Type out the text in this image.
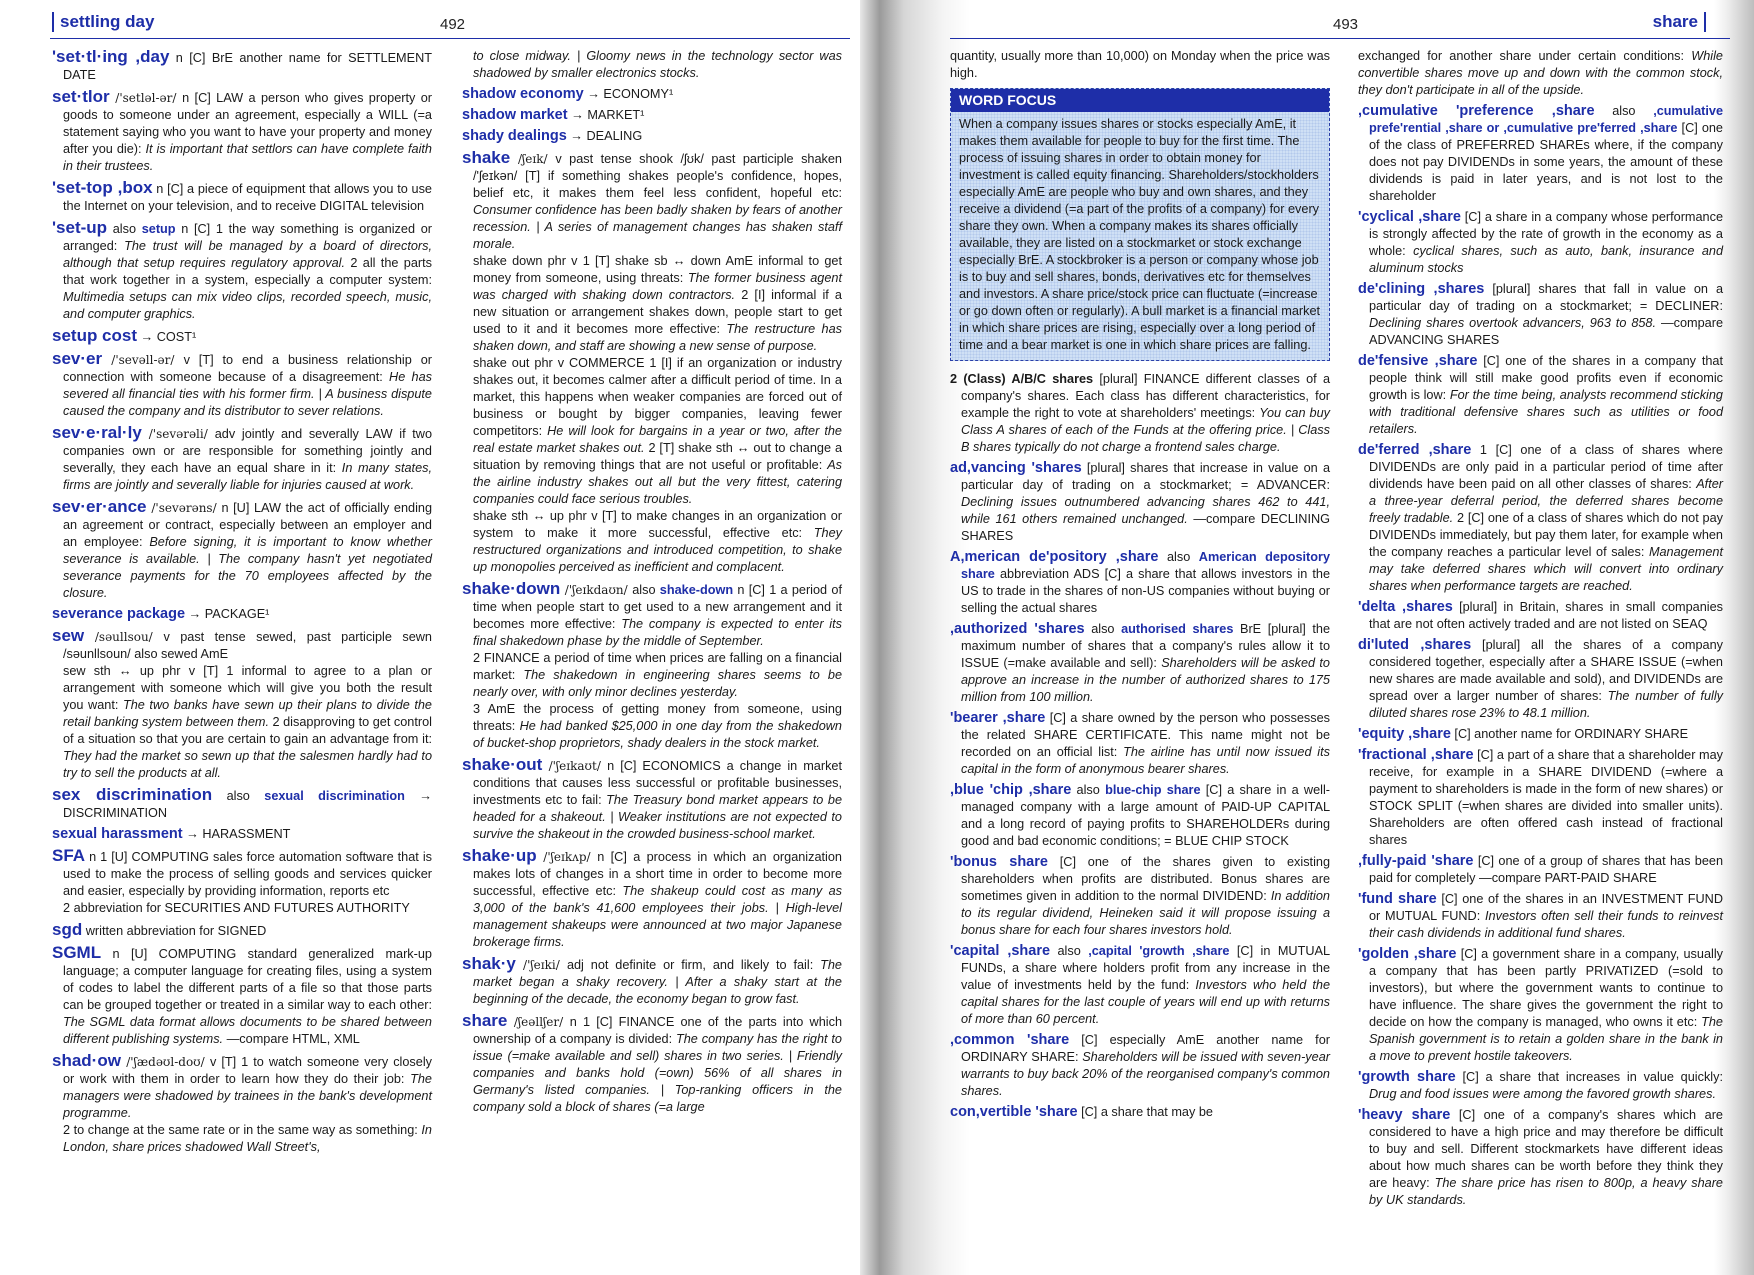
settling day	492	share
493

'set·tl·ing ,day n [C] BrE another name for SETTLEMENT DATE

set·tlor /'setləl-ər/ n [C] LAW a person who gives property or goods to someone under an agreement, especially a WILL (=a statement saying who you want to have your property and money after you die): It is important that settlors can have complete faith in their trustees.

'set-top ,box n [C] a piece of equipment that allows you to use the Internet on your television, and to receive DIGITAL television

'set-up also setup n [C] 1 the way something is organized or arranged: The trust will be managed by a board of directors, although that setup requires regulatory approval. 2 all the parts that work together in a system, especially a computer system: Multimedia setups can mix video clips, recorded speech, music, and computer graphics.

setup cost → COST¹

sev·er /'sevəll-ər/ v [T] to end a business relationship or connection with someone because of a disagreement: He has severed all financial ties with his former firm. | A business dispute caused the company and its distributor to sever relations.

sev·e·ral·ly /'sevərəli/ adv jointly and severally LAW if two companies own or are responsible for something jointly and severally, they each have an equal share in it: In many states, firms are jointly and severally liable for injuries caused at work.

sev·er·ance /'sevərəns/ n [U] LAW the act of officially ending an agreement or contract, especially between an employer and an employee: Before signing, it is important to know whether severance is available. | The company hasn't yet negotiated severance payments for the 70 employees affected by the closure.

severance package → PACKAGE¹

sew /səullsou/ v past tense sewed, past participle sewn /səunllsoun/ also sewed AmE
sew sth ↔ up phr v [T] 1 informal to agree to a plan or arrangement with someone which will give you both the result you want: The two banks have sewn up their plans to divide the retail banking system between them. 2 disapproving to get control of a situation so that you are certain to gain an advantage from it: They had the market so sewn up that the salesmen hardly had to try to sell the products at all.

sex discrimination also sexual discrimination → DISCRIMINATION

sexual harassment → HARASSMENT

SFA n 1 [U] COMPUTING sales force automation software that is used to make the process of selling goods and services quicker and easier, especially by providing information, reports etc
2 abbreviation for SECURITIES AND FUTURES AUTHORITY

sgd written abbreviation for SIGNED

SGML n [U] COMPUTING standard generalized mark-up language; a computer language for creating files, using a system of codes to label the different parts of a file so that those parts can be grouped together or treated in a similar way to each other: The SGML data format allows documents to be shared between different publishing systems. —compare HTML, XML

shad·ow /'ʃædəʊl-doʊ/ v [T] 1 to watch someone very closely or work with them in order to learn how they do their job: The managers were shadowed by trainees in the bank's development programme.
2 to change at the same rate or in the same way as something: In London, share prices shadowed Wall Street's,

to close midway. | Gloomy news in the technology sector was shadowed by smaller electronics stocks.

shadow economy → ECONOMY¹

shadow market → MARKET¹

shady dealings → DEALING

shake /ʃeɪk/ v past tense shook /ʃʊk/ past participle shaken /'ʃeɪkən/ [T] if something shakes people's confidence, hopes, belief etc, it makes them feel less confident, hopeful etc: Consumer confidence has been badly shaken by fears of another recession. | A series of management changes has shaken staff morale.
shake down phr v 1 [T] shake sb ↔ down AmE informal to get money from someone, using threats: The former business agent was charged with shaking down contractors. 2 [I] informal if a new situation or arrangement shakes down, people start to get used to it and it becomes more effective: The restructure has shaken down, and staff are showing a new sense of purpose.
shake out phr v COMMERCE 1 [I] if an organization or industry shakes out, it becomes calmer after a difficult period of time. In a market, this happens when weaker companies are forced out of business or bought by bigger companies, leaving fewer competitors: He will look for bargains in a year or two, after the real estate market shakes out. 2 [T] shake sth ↔ out to change a situation by removing things that are not useful or profitable: As the airline industry shakes out all but the very fittest, catering companies could face serious troubles.
shake sth ↔ up phr v [T] to make changes in an organization or system to make it more successful, effective etc: They restructured organizations and introduced competition, to shake up monopolies perceived as inefficient and complacent.

shake·down /'ʃeɪkdaʊn/ also shake-down n [C] 1 a period of time when people start to get used to a new arrangement and it becomes more effective: The company is expected to enter its final shakedown phase by the middle of September.
2 FINANCE a period of time when prices are falling on a financial market: The shakedown in engineering shares seems to be nearly over, with only minor declines yesterday.
3 AmE the process of getting money from someone, using threats: He had banked $25,000 in one day from the shakedown of bucket-shop proprietors, shady dealers in the stock market.

shake·out /'ʃeɪkaʊt/ n [C] ECONOMICS a change in market conditions that causes less successful or profitable businesses, investments etc to fail: The Treasury bond market appears to be headed for a shakeout. | Weaker institutions are not expected to survive the shakeout in the crowded business-school market.

shake·up /'ʃeɪkʌp/ n [C] a process in which an organization makes lots of changes in a short time in order to become more successful, effective etc: The shakeup could cost as many as 3,000 of the bank's 41,600 employees their jobs. | High-level management shakeups were announced at two major Japanese brokerage firms.

shak·y /'ʃeɪki/ adj not definite or firm, and likely to fail: The market began a shaky recovery. | After a shaky start at the beginning of the decade, the economy began to grow fast.

share /ʃeəllʃer/ n 1 [C] FINANCE one of the parts into which ownership of a company is divided: The company has the right to issue (=make available and sell) shares in two series. | Friendly companies and banks hold (=own) 56% of all shares in Germany's listed companies. | Top-ranking officers in the company sold a block of shares (=a large

quantity, usually more than 10,000) on Monday when the price was high.

WORD FOCUS
When a company issues shares or stocks especially AmE, it makes them available for people to buy for the first time. The process of issuing shares in order to obtain money for investment is called equity financing. Shareholders/stockholders especially AmE are people who buy and own shares, and they receive a dividend (=a part of the profits of a company) for every share they own. When a company makes its shares officially available, they are listed on a stockmarket or stock exchange especially BrE. A stockbroker is a person or company whose job is to buy and sell shares, bonds, derivatives etc for themselves and investors. A share price/stock price can fluctuate (=increase or go down often or regularly). A bull market is a financial market in which share prices are rising, especially over a long period of time and a bear market is one in which share prices are falling.

2 (Class) A/B/C shares [plural] FINANCE different classes of a company's shares. Each class has different characteristics, for example the right to vote at shareholders' meetings: You can buy Class A shares of each of the Funds at the offering price. | Class B shares typically do not charge a frontend sales charge.

ad,vancing 'shares [plural] shares that increase in value on a particular day of trading on a stockmarket; = ADVANCER: Declining issues outnumbered advancing shares 462 to 441, while 161 others remained unchanged. —compare DECLINING SHARES

A,merican de'pository ,share also American depository share abbreviation ADS [C] a share that allows investors in the US to trade in the shares of non-US companies without buying or selling the actual shares

,authorized 'shares also authorised shares BrE [plural] the maximum number of shares that a company's rules allow it to ISSUE (=make available and sell): Shareholders will be asked to approve an increase in the number of authorized shares to 175 million from 100 million.

'bearer ,share [C] a share owned by the person who possesses the related SHARE CERTIFICATE. This name might not be recorded on an official list: The airline has until now issued its capital in the form of anonymous bearer shares.

,blue 'chip ,share also blue-chip share [C] a share in a well-managed company with a large amount of PAID-UP CAPITAL and a long record of paying profits to SHAREHOLDERs during good and bad economic conditions; = BLUE CHIP STOCK

'bonus share [C] one of the shares given to existing shareholders when profits are distributed. Bonus shares are sometimes given in addition to the normal DIVIDEND: In addition to its regular dividend, Heineken said it will propose issuing a bonus share for each four shares investors hold.

'capital ,share also ,capital 'growth ,share [C] in MUTUAL FUNDs, a share where holders profit from any increase in the value of investments held by the fund: Investors who held the capital shares for the last couple of years will end up with returns of more than 60 percent.

,common 'share [C] especially AmE another name for ORDINARY SHARE: Shareholders will be issued with seven-year warrants to buy back 20% of the reorganised company's common shares.

con,vertible 'share [C] a share that may be

exchanged for another share under certain conditions: While convertible shares move up and down with the common stock, they don't participate in all of the upside.

,cumulative 'preference ,share also ,cumulative prefe'rential ,share or ,cumulative pre'ferred ,share [C] one of the class of PREFERRED SHAREs where, if the company does not pay DIVIDENDs in some years, the amount of these dividends is paid in later years, and is not lost to the shareholder

'cyclical ,share [C] a share in a company whose performance is strongly affected by the rate of growth in the economy as a whole: cyclical shares, such as auto, bank, insurance and aluminum stocks

de'clining ,shares [plural] shares that fall in value on a particular day of trading on a stockmarket; = DECLINER: Declining shares overtook advancers, 963 to 858. —compare ADVANCING SHARES

de'fensive ,share [C] one of the shares in a company that people think will still make good profits even if economic growth is low: For the time being, analysts recommend sticking with traditional defensive shares such as utilities or food retailers.

de'ferred ,share 1 [C] one of a class of shares where DIVIDENDs are only paid in a particular period of time after dividends have been paid on all other classes of shares: After a three-year deferral period, the deferred shares become freely tradable. 2 [C] one of a class of shares which do not pay DIVIDENDs immediately, but pay them later, for example when the company reaches a particular level of sales: Management may take deferred shares which will convert into ordinary shares when performance targets are reached.

'delta ,shares [plural] in Britain, shares in small companies that are not often actively traded and are not listed on SEAQ

di'luted ,shares [plural] all the shares of a company considered together, especially after a SHARE ISSUE (=when new shares are made available and sold), and DIVIDENDs are spread over a larger number of shares: The number of fully diluted shares rose 23% to 48.1 million.

'equity ,share [C] another name for ORDINARY SHARE

'fractional ,share [C] a part of a share that a shareholder may receive, for example in a SHARE DIVIDEND (=where a payment to shareholders is made in the form of new shares) or STOCK SPLIT (=when shares are divided into smaller units). Shareholders are often offered cash instead of fractional shares

,fully-paid 'share [C] one of a group of shares that has been paid for completely —compare PART-PAID SHARE

'fund share [C] one of the shares in an INVESTMENT FUND or MUTUAL FUND: Investors often sell their funds to reinvest their cash dividends in additional fund shares.

'golden ,share [C] a government share in a company, usually a company that has been partly PRIVATIZED (=sold to investors), but where the government wants to continue to have influence. The share gives the government the right to decide on how the company is managed, who owns it etc: The Spanish government is to retain a golden share in the bank in a move to prevent hostile takeovers.

'growth share [C] a share that increases in value quickly: Drug and food issues were among the favored growth shares.

'heavy share [C] one of a company's shares which are considered to have a high price and may therefore be difficult to buy and sell. Different stockmarkets have different ideas about how much shares can be worth before they think they are heavy: The share price has risen to 800p, a heavy share by UK standards.
